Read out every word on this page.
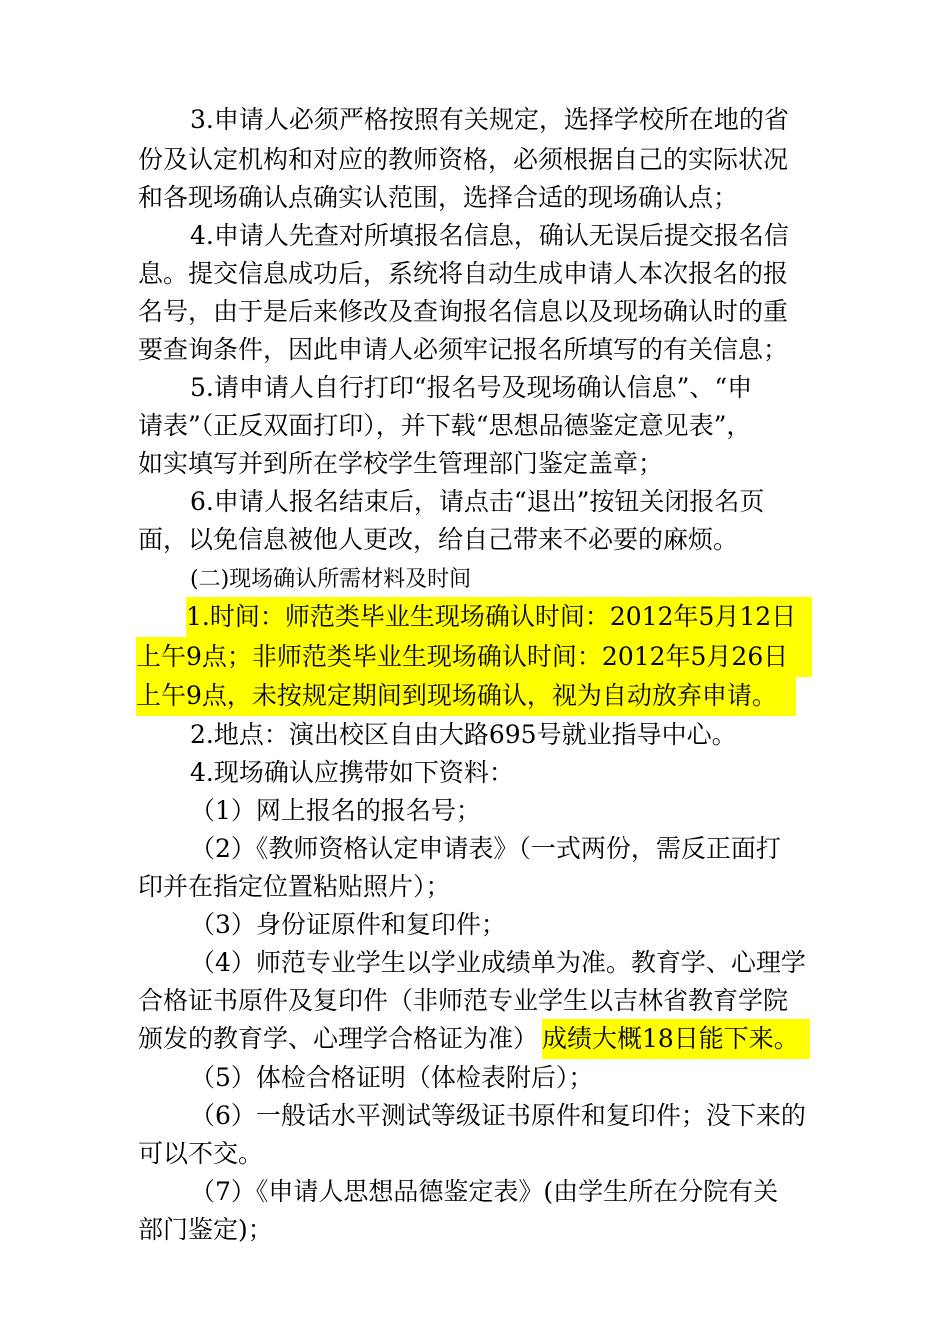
3.申请人必须严格按照有关规定，选择学校所在地的省
份及认定机构和对应的教师资格，必须根据自己的实际状况
和各现场确认点确实认范围，选择合适的现场确认点；
4.申请人先查对所填报名信息，确认无误后提交报名信
息。提交信息成功后，系统将自动生成申请人本次报名的报
名号，由于是后来修改及查询报名信息以及现场确认时的重
要查询条件，因此申请人必须牢记报名所填写的有关信息；
5.请申请人自行打印“报名号及现场确认信息”、“申
请表”（正反双面打印），并下载“思想品德鉴定意见表”，
如实填写并到所在学校学生管理部门鉴定盖章；
6.申请人报名结束后，请点击“退出”按钮关闭报名页
面，以免信息被他人更改，给自己带来不必要的麻烦。
(二)现场确认所需材料及时间
1.时间：师范类毕业生现场确认时间：2012年5月12日
上午9点；非师范类毕业生现场确认时间：2012年5月26日
上午9点，未按规定期间到现场确认，视为自动放弃申请。
2.地点：演出校区自由大路695号就业指导中心。
4.现场确认应携带如下资料：
（1）网上报名的报名号；
（2）《教师资格认定申请表》（一式两份，需反正面打
印并在指定位置粘贴照片）；
（3）身份证原件和复印件；
（4）师范专业学生以学业成绩单为准。教育学、心理学
合格证书原件及复印件（非师范专业学生以吉林省教育学院
颁发的教育学、心理学合格证为准） 成绩大概18日能下来。
（5）体检合格证明（体检表附后）；
（6）一般话水平测试等级证书原件和复印件；没下来的
可以不交。
（7）《申请人思想品德鉴定表》(由学生所在分院有关
部门鉴定)；
